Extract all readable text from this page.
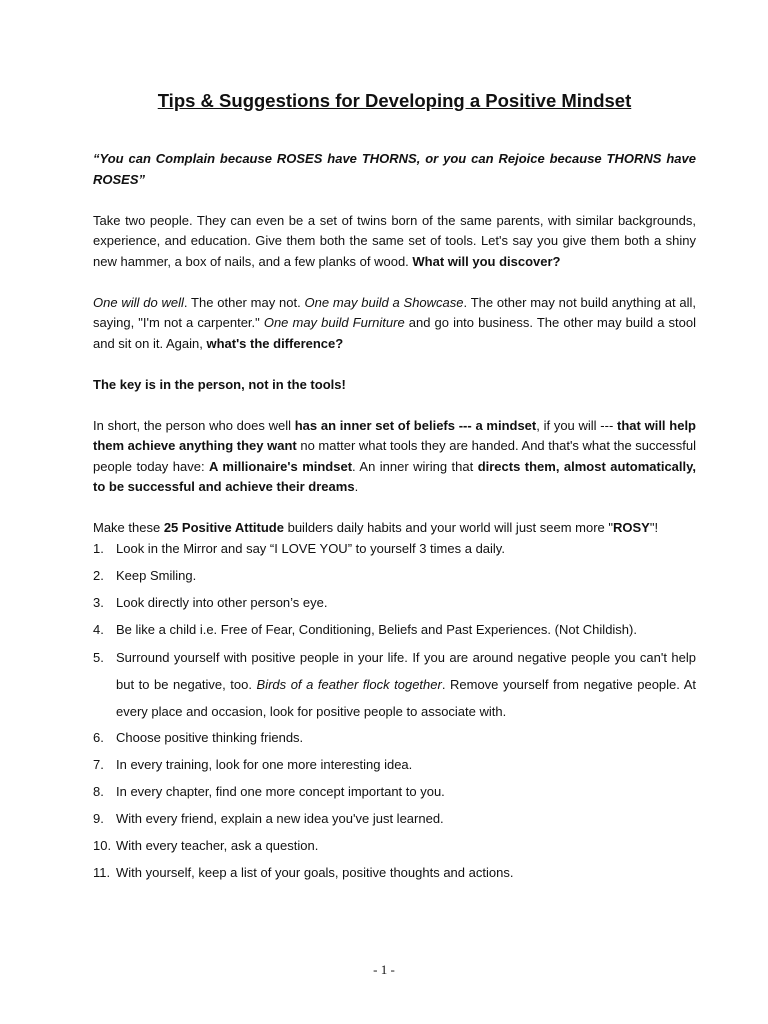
Tips & Suggestions for Developing a Positive Mindset

“You can Complain because ROSES have THORNS, or you can Rejoice because THORNS have ROSES”

Take two people. They can even be a set of twins born of the same parents, with similar backgrounds, experience, and education. Give them both the same set of tools. Let's say you give them both a shiny new hammer, a box of nails, and a few planks of wood. What will you discover?

One will do well. The other may not. One may build a Showcase. The other may not build anything at all, saying, "I'm not a carpenter." One may build Furniture and go into business. The other may build a stool and sit on it. Again, what's the difference?

The key is in the person, not in the tools!

In short, the person who does well has an inner set of beliefs --- a mindset, if you will --- that will help them achieve anything they want no matter what tools they are handed. And that's what the successful people today have: A millionaire's mindset. An inner wiring that directs them, almost automatically, to be successful and achieve their dreams.

Make these 25 Positive Attitude builders daily habits and your world will just seem more "ROSY"!

1. Look in the Mirror and say “I LOVE YOU” to yourself 3 times a daily.
2. Keep Smiling.
3. Look directly into other person’s eye.
4. Be like a child i.e. Free of Fear, Conditioning, Beliefs and Past Experiences. (Not Childish).
5. Surround yourself with positive people in your life. If you are around negative people you can't help but to be negative, too. Birds of a feather flock together. Remove yourself from negative people. At every place and occasion, look for positive people to associate with.
6. Choose positive thinking friends.
7. In every training, look for one more interesting idea.
8. In every chapter, find one more concept important to you.
9. With every friend, explain a new idea you've just learned.
10. With every teacher, ask a question.
11. With yourself, keep a list of your goals, positive thoughts and actions.
- 1 -
